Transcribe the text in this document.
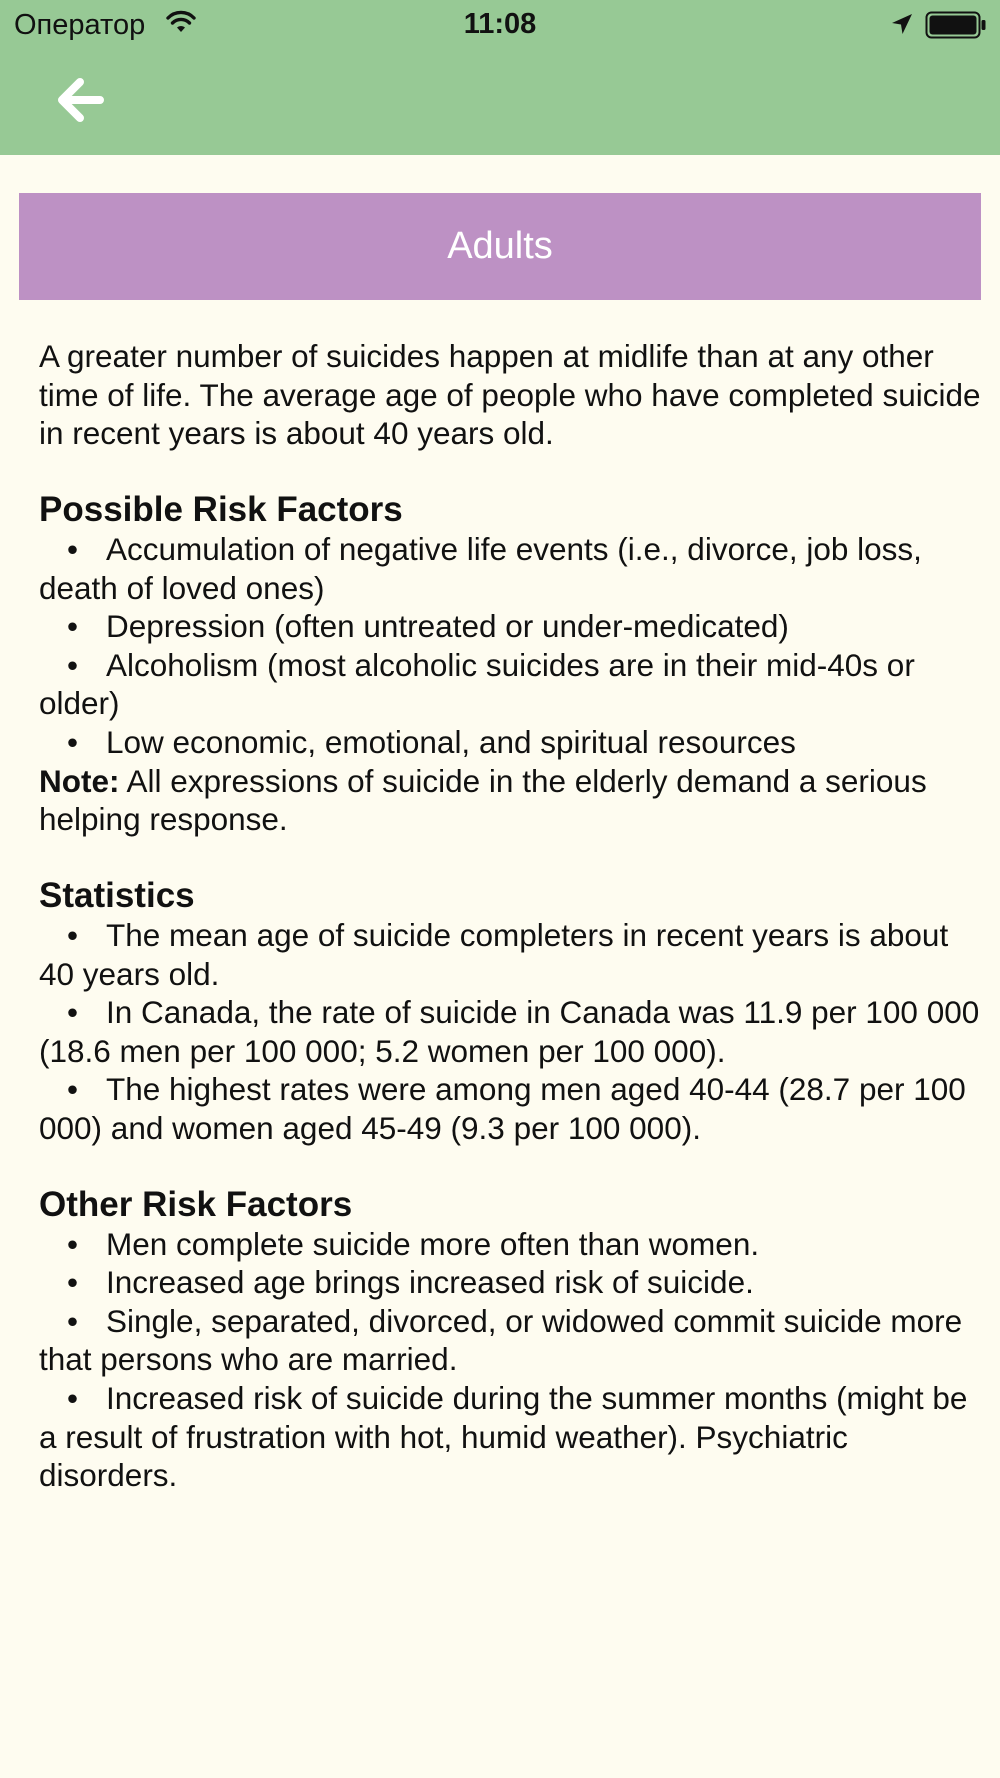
Оператор	11:08
Adults
A greater number of suicides happen at midlife than at any other time of life. The average age of people who have completed suicide in recent years is about 40 years old.
Possible Risk Factors
• Accumulation of negative life events (i.e., divorce, job loss, death of loved ones)
• Depression (often untreated or under-medicated)
• Alcoholism (most alcoholic suicides are in their mid-40s or older)
• Low economic, emotional, and spiritual resources
Note: All expressions of suicide in the elderly demand a serious helping response.
Statistics
• The mean age of suicide completers in recent years is about 40 years old.
• In Canada, the rate of suicide in Canada was 11.9 per 100 000 (18.6 men per 100 000; 5.2 women per 100 000).
• The highest rates were among men aged 40-44 (28.7 per 100 000) and women aged 45-49 (9.3 per 100 000).
Other Risk Factors
• Men complete suicide more often than women.
• Increased age brings increased risk of suicide.
• Single, separated, divorced, or widowed commit suicide more that persons who are married.
• Increased risk of suicide during the summer months (might be a result of frustration with hot, humid weather). Psychiatric disorders.
